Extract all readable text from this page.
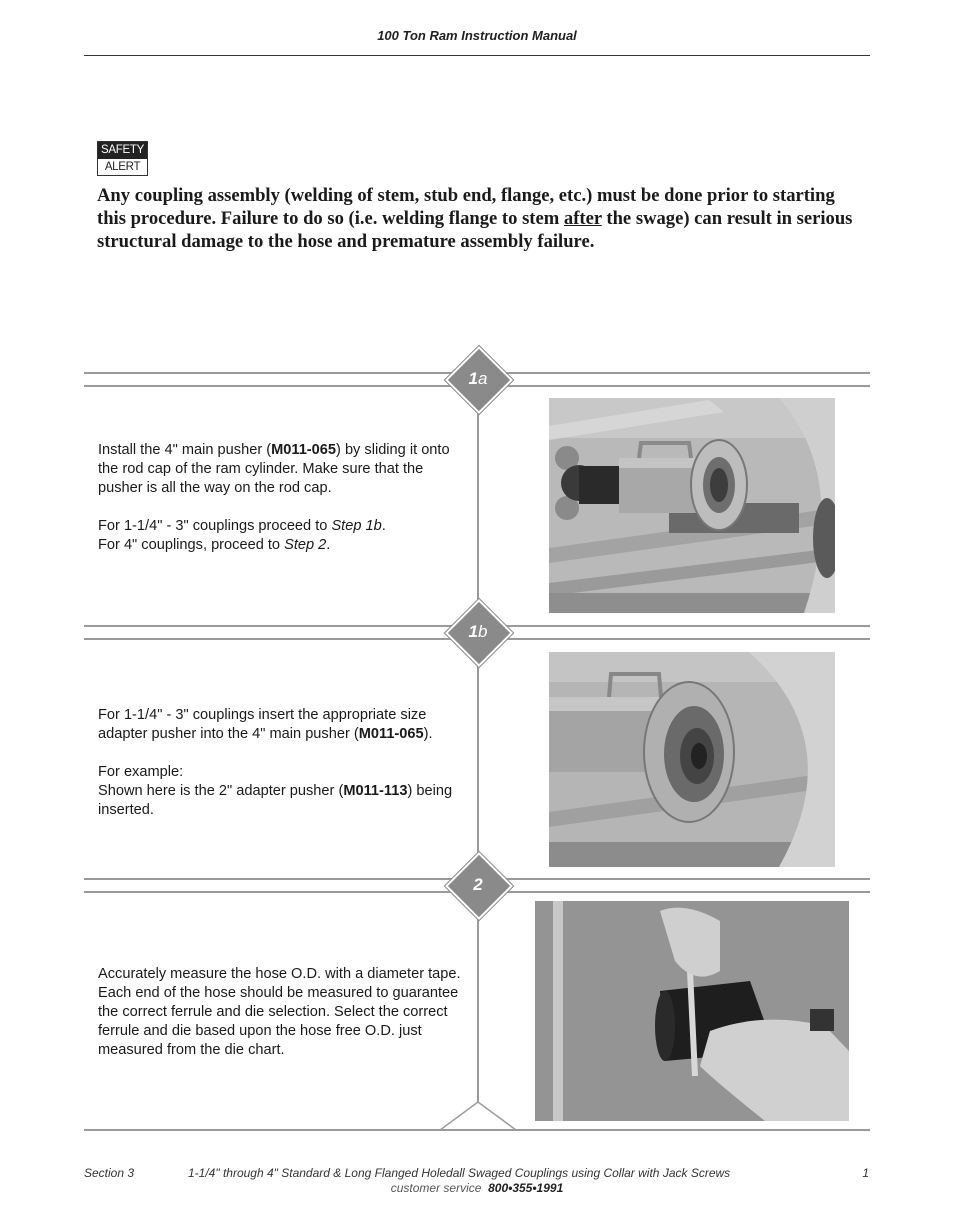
100 Ton Ram Instruction Manual
SAFETY
ALERT
Any coupling assembly (welding of stem, stub end, flange, etc.) must be done prior to starting this procedure. Failure to do so (i.e. welding flange to stem after the swage) can result in serious structural damage to the hose and premature assembly failure.
1a
1b
2

Install the 4" main pusher (M011-065) by sliding it onto the rod cap of the ram cylinder. Make sure that the pusher is all the way on the rod cap.

For 1-1/4" - 3" couplings proceed to Step 1b.
For 4" couplings, proceed to Step 2.

For 1-1/4" - 3" couplings insert the appropriate size adapter pusher into the 4" main pusher (M011-065).

For example:
Shown here is the 2" adapter pusher (M011-113) being inserted.

Accurately measure the hose O.D. with a diameter tape. Each end of the hose should be measured to guarantee the correct ferrule and die selection. Select the correct ferrule and die based upon the hose free O.D. just measured from the die chart.

Section 3	1-1/4" through 4" Standard & Long Flanged Holedall Swaged Couplings using Collar with Jack Screws	1
customer service 800•355•1991
